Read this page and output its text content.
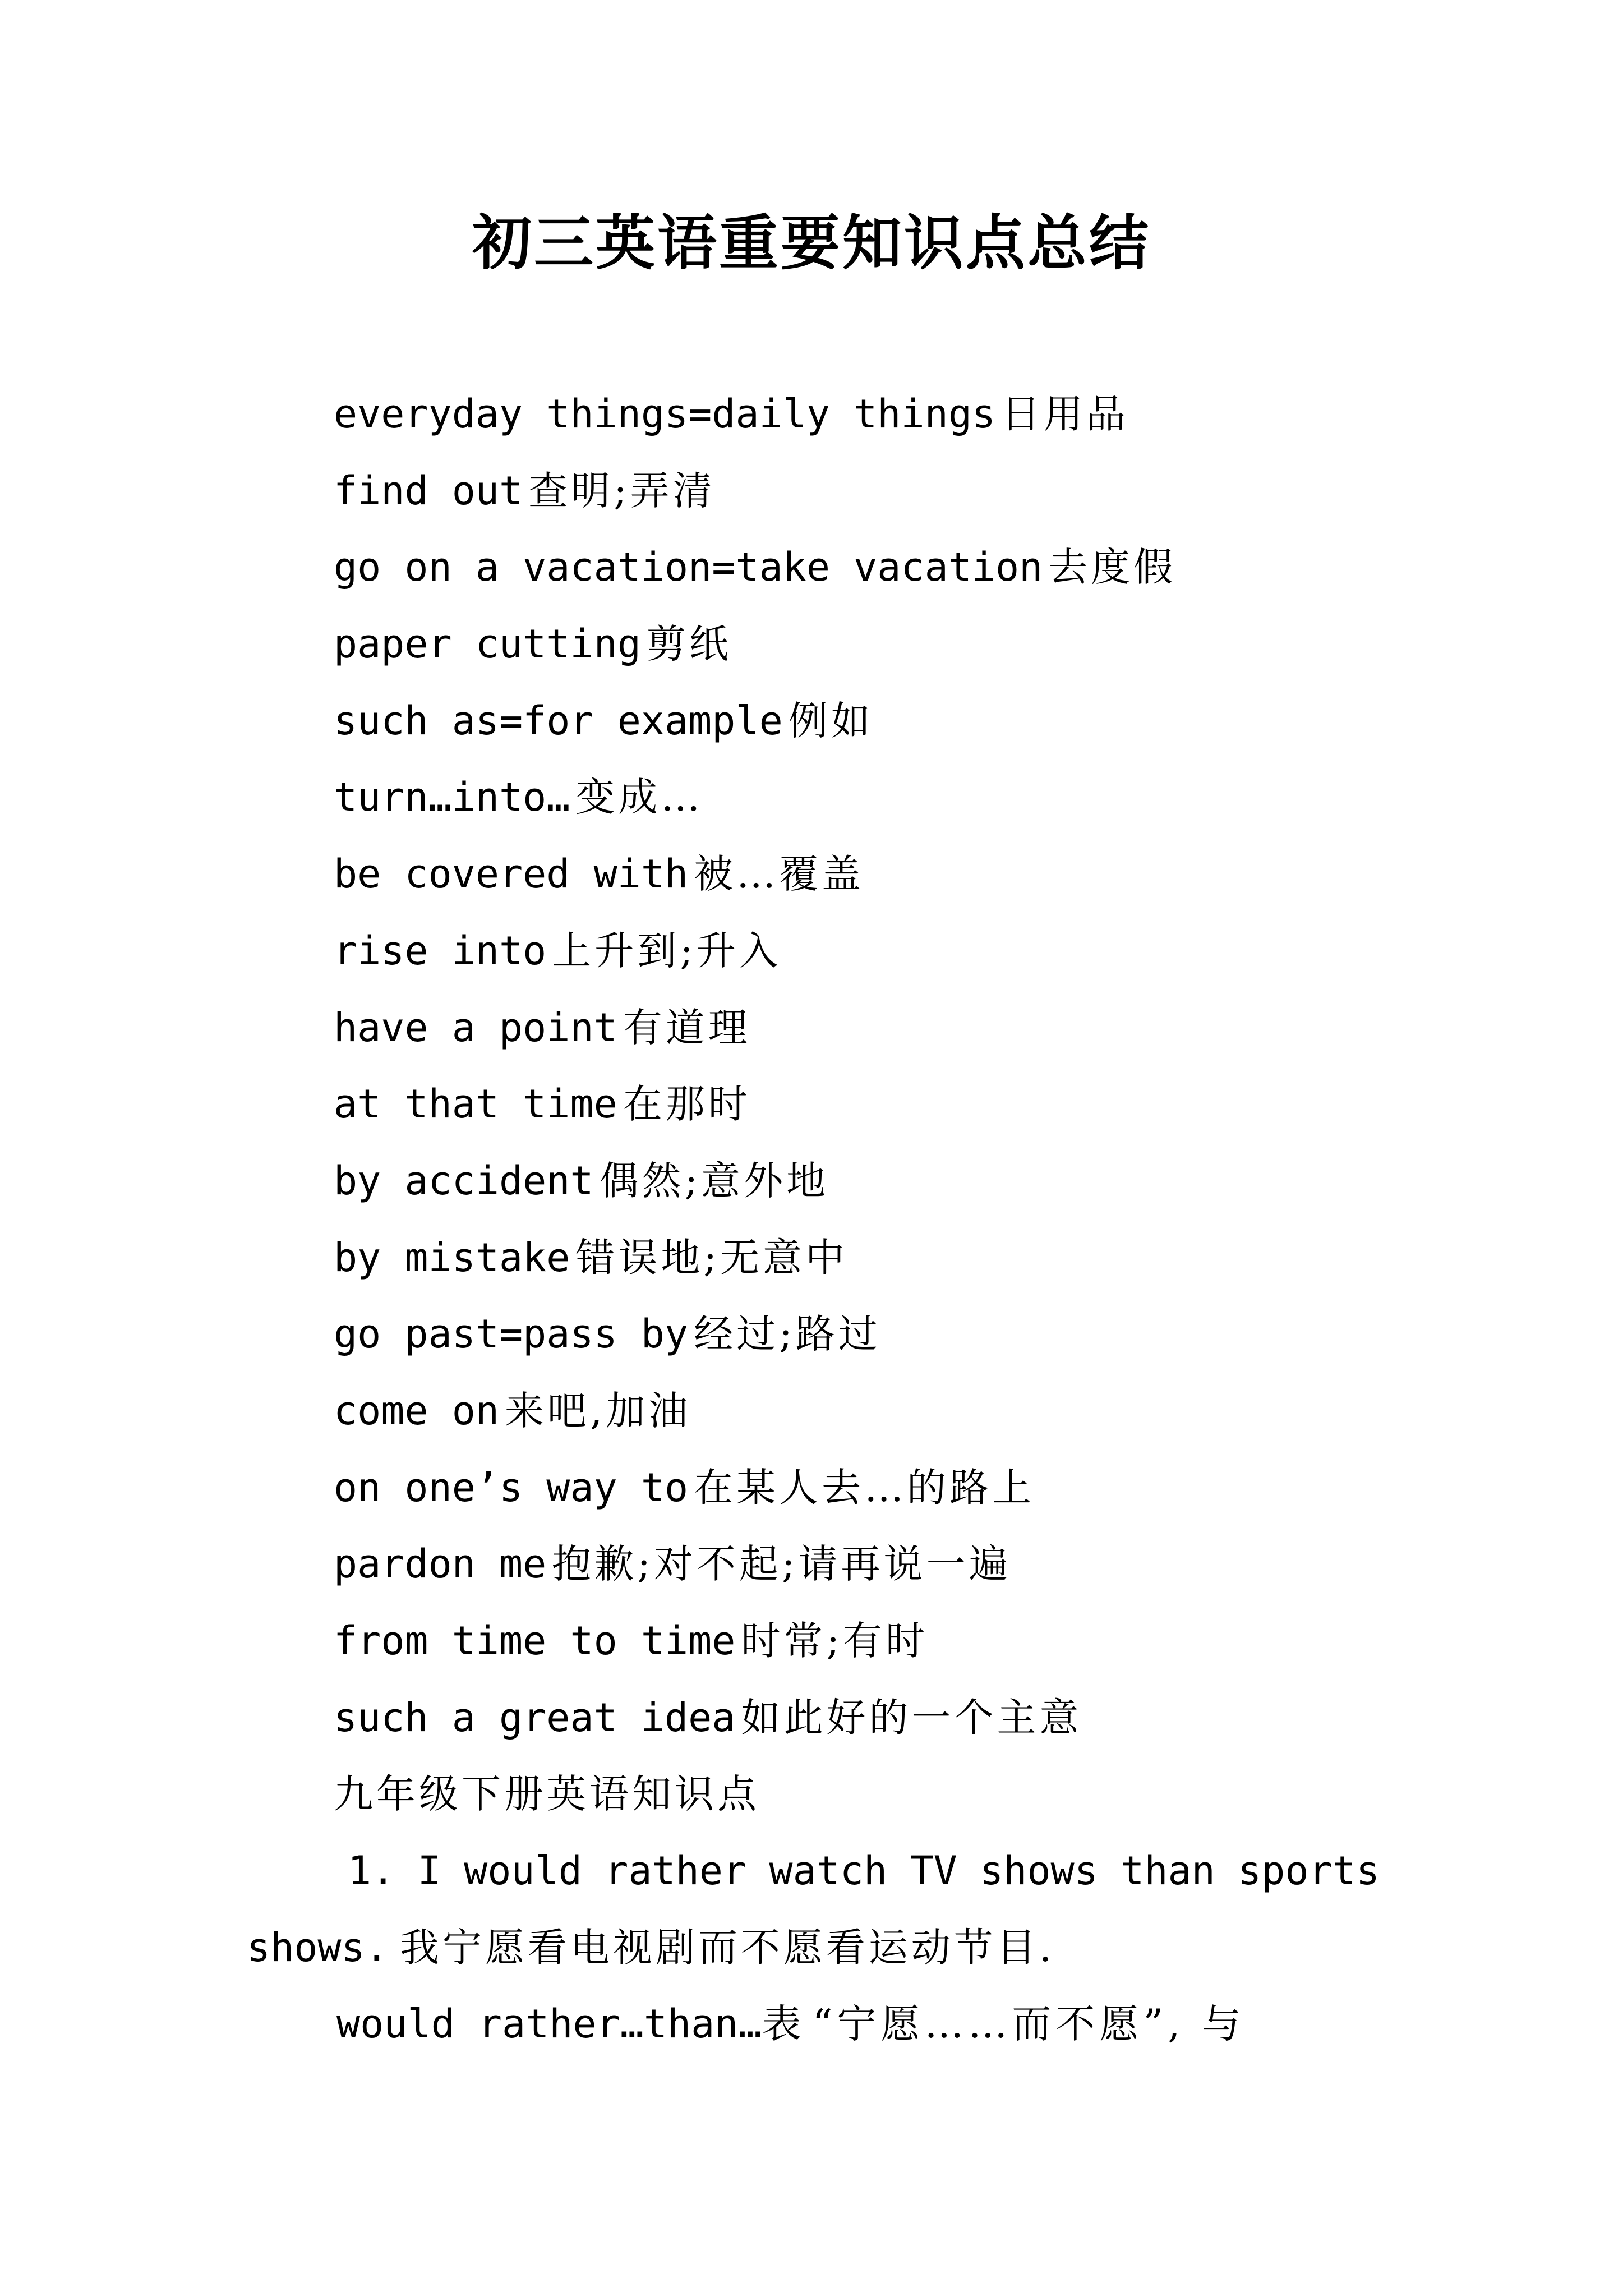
初三英语重要知识点总结
everyday things=daily things 日用品
find out 查明;弄清
go on a vacation=take vacation 去度假
paper cutting 剪纸
such as=for example 例如
turn…into… 变成…
be covered with 被…覆盖
rise into 上升到;升入
have a point 有道理
at that time 在那时
by accident 偶然;意外地
by mistake 错误地;无意中
go past=pass by 经过;路过
come on 来吧,加油
on one’s way to 在某人去…的路上
pardon me 抱歉;对不起;请再说一遍
from time to time 时常;有时
such a great idea 如此好的一个主意
九年级下册英语知识点
1. I would rather watch TV shows than sports
shows. 我宁愿看电视剧而不愿看运动节目.
would rather…than…表 “宁愿……而不愿”, 与
